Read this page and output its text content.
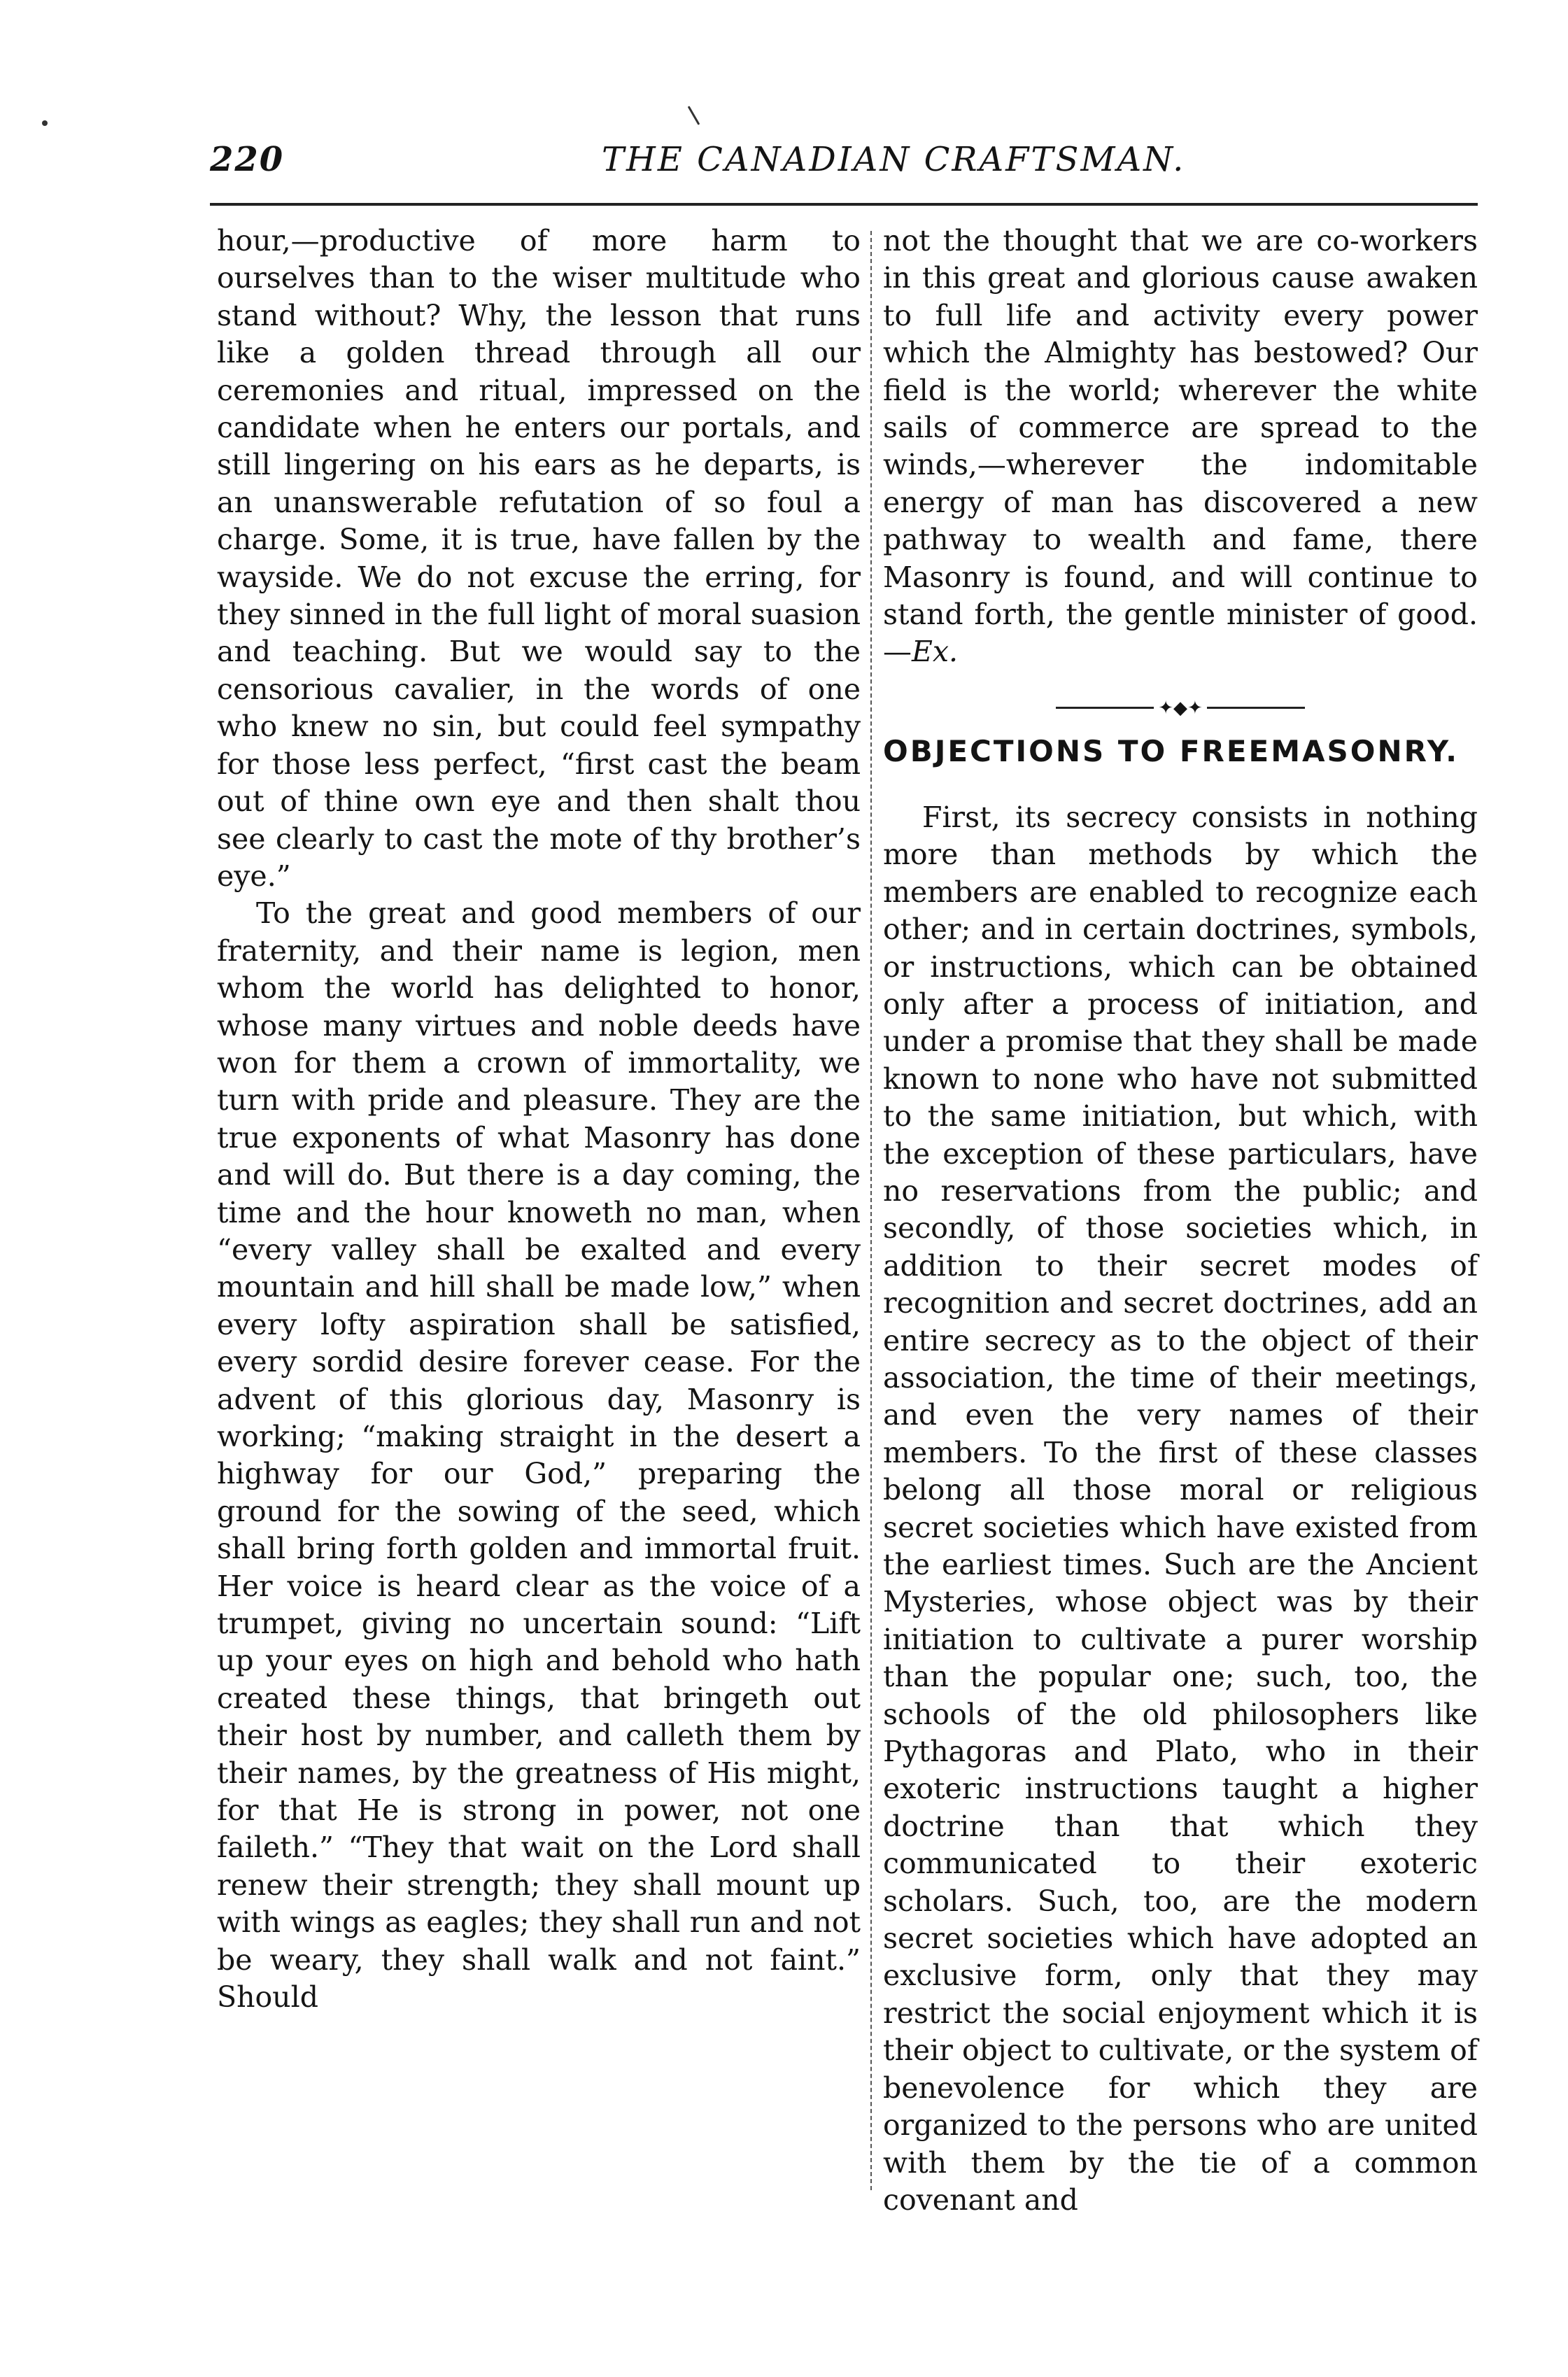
220	THE CANADIAN CRAFTSMAN.

hour,—productive of more harm to ourselves than to the wiser multitude who stand without? Why, the lesson that runs like a golden thread through all our ceremonies and ritual, impressed on the candidate when he enters our portals, and still lingering on his ears as he departs, is an unanswerable refutation of so foul a charge. Some, it is true, have fallen by the wayside. We do not excuse the erring, for they sinned in the full light of moral suasion and teaching. But we would say to the censorious cavalier, in the words of one who knew no sin, but could feel sympathy for those less perfect, “first cast the beam out of thine own eye and then shalt thou see clearly to cast the mote of thy brother’s eye.”

To the great and good members of our fraternity, and their name is legion, men whom the world has delighted to honor, whose many virtues and noble deeds have won for them a crown of immortality, we turn with pride and pleasure. They are the true exponents of what Masonry has done and will do. But there is a day coming, the time and the hour knoweth no man, when “every valley shall be exalted and every mountain and hill shall be made low,” when every lofty aspiration shall be satisfied, every sordid desire forever cease. For the advent of this glorious day, Masonry is working; “making straight in the desert a highway for our God,” preparing the ground for the sowing of the seed, which shall bring forth golden and immortal fruit. Her voice is heard clear as the voice of a trumpet, giving no uncertain sound: “Lift up your eyes on high and behold who hath created these things, that bringeth out their host by number, and calleth them by their names, by the greatness of His might, for that He is strong in power, not one faileth.” “They that wait on the Lord shall renew their strength; they shall mount up with wings as eagles; they shall run and not be weary, they shall walk and not faint.” Should

not the thought that we are co-workers in this great and glorious cause awaken to full life and activity every power which the Almighty has bestowed? Our field is the world; wherever the white sails of commerce are spread to the winds,—wherever the indomitable energy of man has discovered a new pathway to wealth and fame, there Masonry is found, and will continue to stand forth, the gentle minister of good.—Ex.

✦◆✦
OBJECTIONS TO FREEMASONRY.

First, its secrecy consists in nothing more than methods by which the members are enabled to recognize each other; and in certain doctrines, symbols, or instructions, which can be obtained only after a process of initiation, and under a promise that they shall be made known to none who have not submitted to the same initiation, but which, with the exception of these particulars, have no reservations from the public; and secondly, of those societies which, in addition to their secret modes of recognition and secret doctrines, add an entire secrecy as to the object of their association, the time of their meetings, and even the very names of their members. To the first of these classes belong all those moral or religious secret societies which have existed from the earliest times. Such are the Ancient Mysteries, whose object was by their initiation to cultivate a purer worship than the popular one; such, too, the schools of the old philosophers like Pythagoras and Plato, who in their exoteric instructions taught a higher doctrine than that which they communicated to their exoteric scholars. Such, too, are the modern secret societies which have adopted an exclusive form, only that they may restrict the social enjoyment which it is their object to cultivate, or the system of benevolence for which they are organized to the persons who are united with them by the tie of a common covenant and
